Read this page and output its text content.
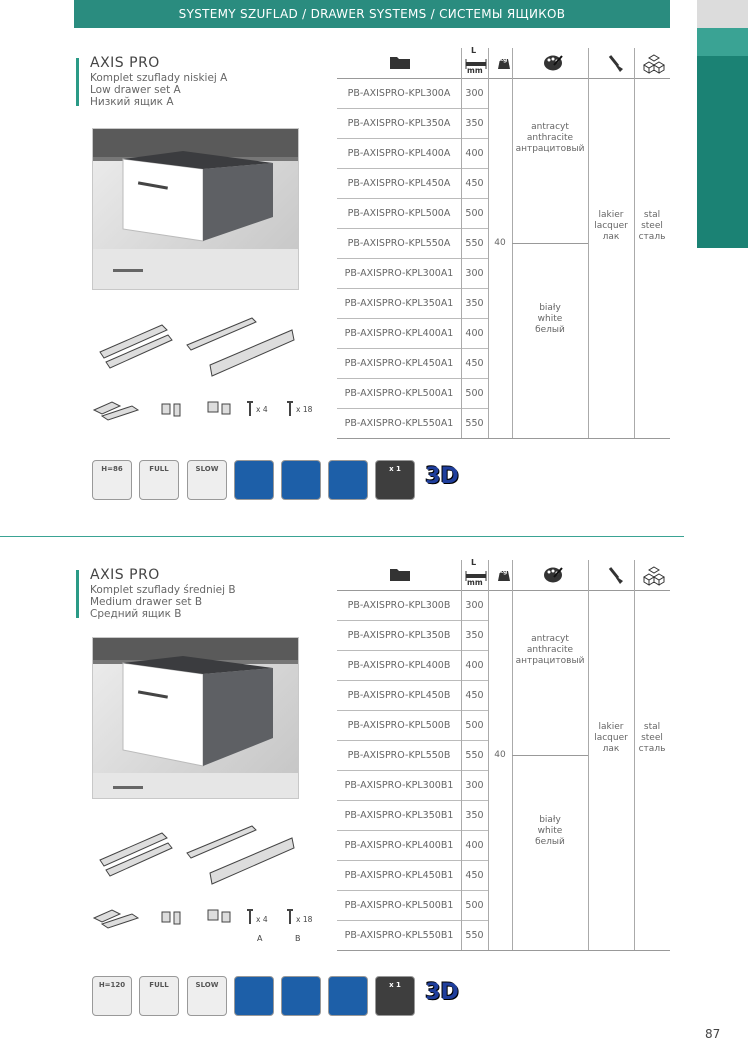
SYSTEMY SZUFLAD / DRAWER SYSTEMS / СИСТЕМЫ ЯЩИКОВ
87
AXIS PRO
Komplet szuflady niskiej A
Low drawer set A
Низкий ящик A
x 4	x 18
H=86	FULL	SLOW	x 1 3D
L
mm
kg
PB-AXISPRO-KPL300A	300
PB-AXISPRO-KPL350A	350
PB-AXISPRO-KPL400A	400
PB-AXISPRO-KPL450A	450
PB-AXISPRO-KPL500A	500
PB-AXISPRO-KPL550A	550
PB-AXISPRO-KPL300A1	300
PB-AXISPRO-KPL350A1	350
PB-AXISPRO-KPL400A1	400
PB-AXISPRO-KPL450A1	450
PB-AXISPRO-KPL500A1	500
PB-AXISPRO-KPL550A1	550
40
antracyt
anthracite
антрацитовый
biały
white
белый
lakier
lacquer
лак
stal
steel
сталь
AXIS PRO
Komplet szuflady średniej B
Medium drawer set B
Средний ящик B
x 4	x 18
A	B
H=120	FULL	SLOW	x 1 3D
L
mm
kg
PB-AXISPRO-KPL300B	300
PB-AXISPRO-KPL350B	350
PB-AXISPRO-KPL400B	400
PB-AXISPRO-KPL450B	450
PB-AXISPRO-KPL500B	500
PB-AXISPRO-KPL550B	550
PB-AXISPRO-KPL300B1	300
PB-AXISPRO-KPL350B1	350
PB-AXISPRO-KPL400B1	400
PB-AXISPRO-KPL450B1	450
PB-AXISPRO-KPL500B1	500
PB-AXISPRO-KPL550B1	550
40
antracyt
anthracite
антрацитовый
biały
white
белый
lakier
lacquer
лак
stal
steel
сталь
